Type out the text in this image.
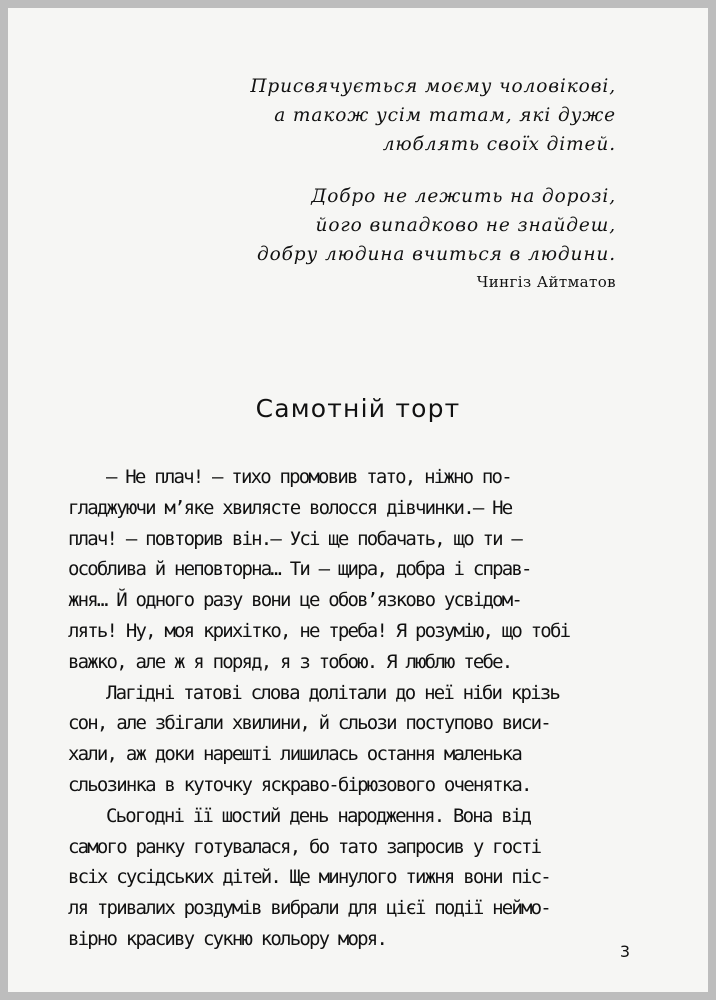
Присвячується моєму чоловікові,
а також усім татам, які дуже
люблять своїх дітей.
Добро не лежить на дорозі,
його випадково не знайдеш,
добру людина вчиться в людини.
Чингіз Айтматов
Самотній торт

— Не плач! — тихо промовив тато, ніжно по-
гладжуючи м’яке хвилясте волосся дівчинки.— Не
плач! — повторив він.— Усі ще побачать, що ти —
особлива й неповторна… Ти — щира, добра і справ-
жня… Й одного разу вони це обов’язково усвідом-
лять! Ну, моя крихітко, не треба! Я розумію, що тобі
важко, але ж я поряд, я з тобою. Я люблю тебе.

Лагідні татові слова долітали до неї ніби крізь
сон, але збігали хвилини, й сльози поступово виси-
хали, аж доки нарешті лишилась остання маленька
сльозинка в куточку яскраво-бірюзового оченятка.

Сьогодні її шостий день народження. Вона від
самого ранку готувалася, бо тато запросив у гості
всіх сусідських дітей. Ще минулого тижня вони піс-
ля тривалих роздумів вибрали для цієї події неймо-
вірно красиву сукню кольору моря.

3
